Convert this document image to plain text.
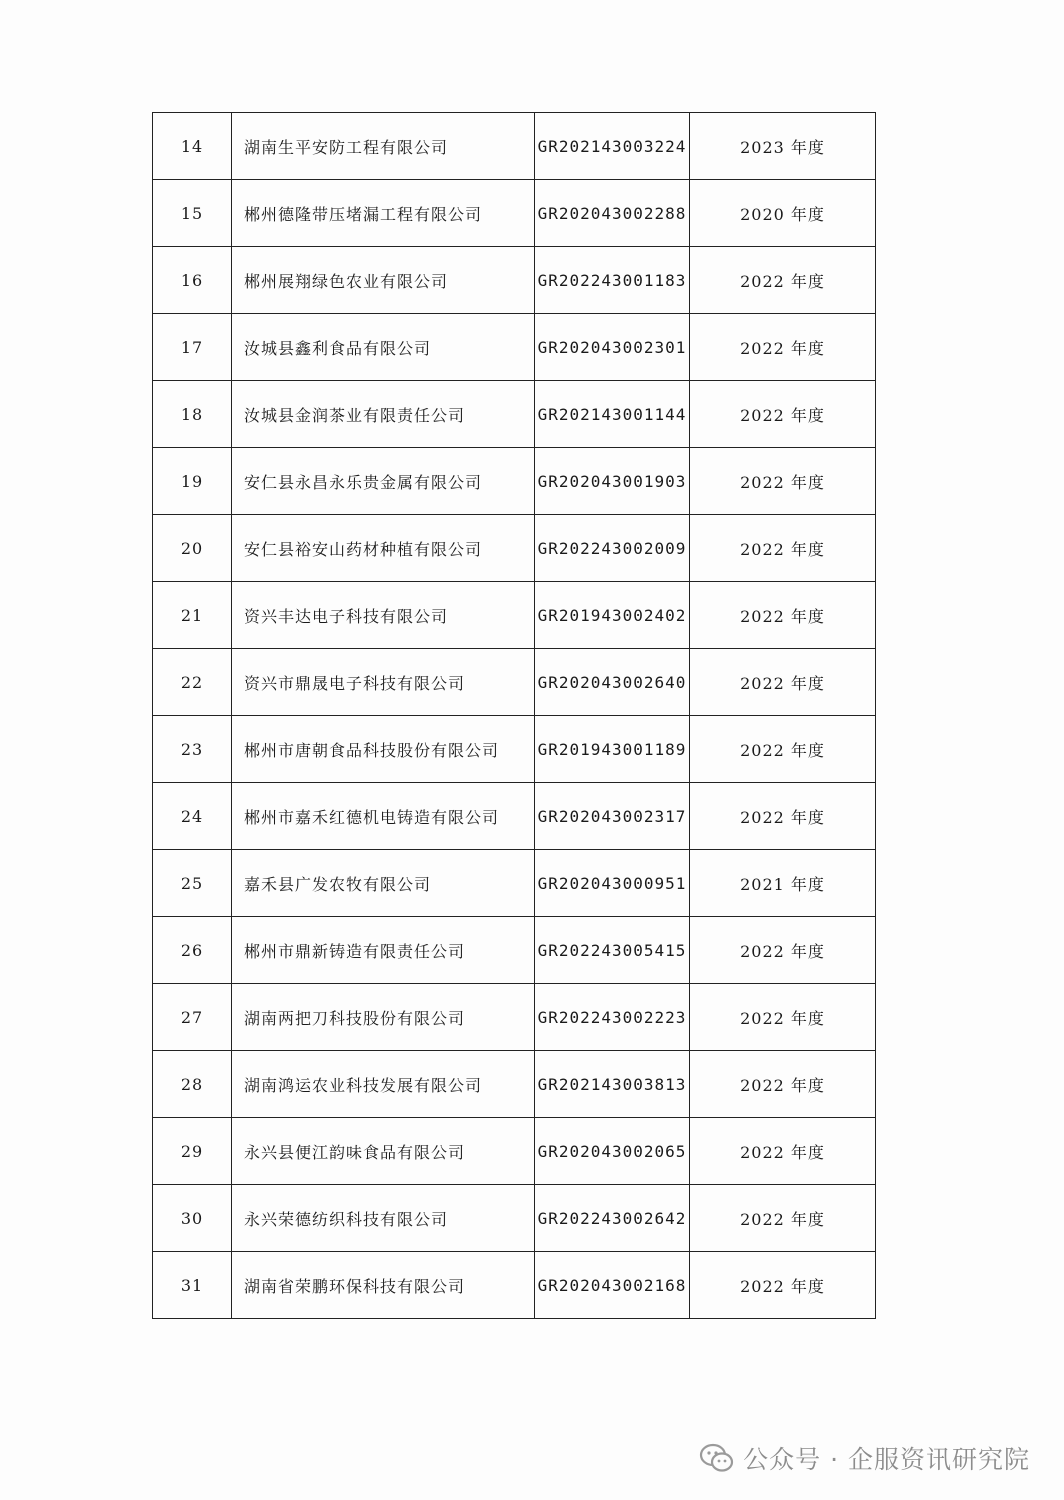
14	湖南生平安防工程有限公司	GR202143003224	2023 年度
15	郴州德隆带压堵漏工程有限公司	GR202043002288	2020 年度
16	郴州展翔绿色农业有限公司	GR202243001183	2022 年度
17	汝城县鑫利食品有限公司	GR202043002301	2022 年度
18	汝城县金润茶业有限责任公司	GR202143001144	2022 年度
19	安仁县永昌永乐贵金属有限公司	GR202043001903	2022 年度
20	安仁县裕安山药材种植有限公司	GR202243002009	2022 年度
21	资兴丰达电子科技有限公司	GR201943002402	2022 年度
22	资兴市鼎晟电子科技有限公司	GR202043002640	2022 年度
23	郴州市唐朝食品科技股份有限公司	GR201943001189	2022 年度
24	郴州市嘉禾红德机电铸造有限公司	GR202043002317	2022 年度
25	嘉禾县广发农牧有限公司	GR202043000951	2021 年度
26	郴州市鼎新铸造有限责任公司	GR202243005415	2022 年度
27	湖南两把刀科技股份有限公司	GR202243002223	2022 年度
28	湖南鸿运农业科技发展有限公司	GR202143003813	2022 年度
29	永兴县便江韵味食品有限公司	GR202043002065	2022 年度
30	永兴荣德纺织科技有限公司	GR202243002642	2022 年度
31	湖南省荣鹏环保科技有限公司	GR202043002168	2022 年度
公众号 · 企服资讯研究院
